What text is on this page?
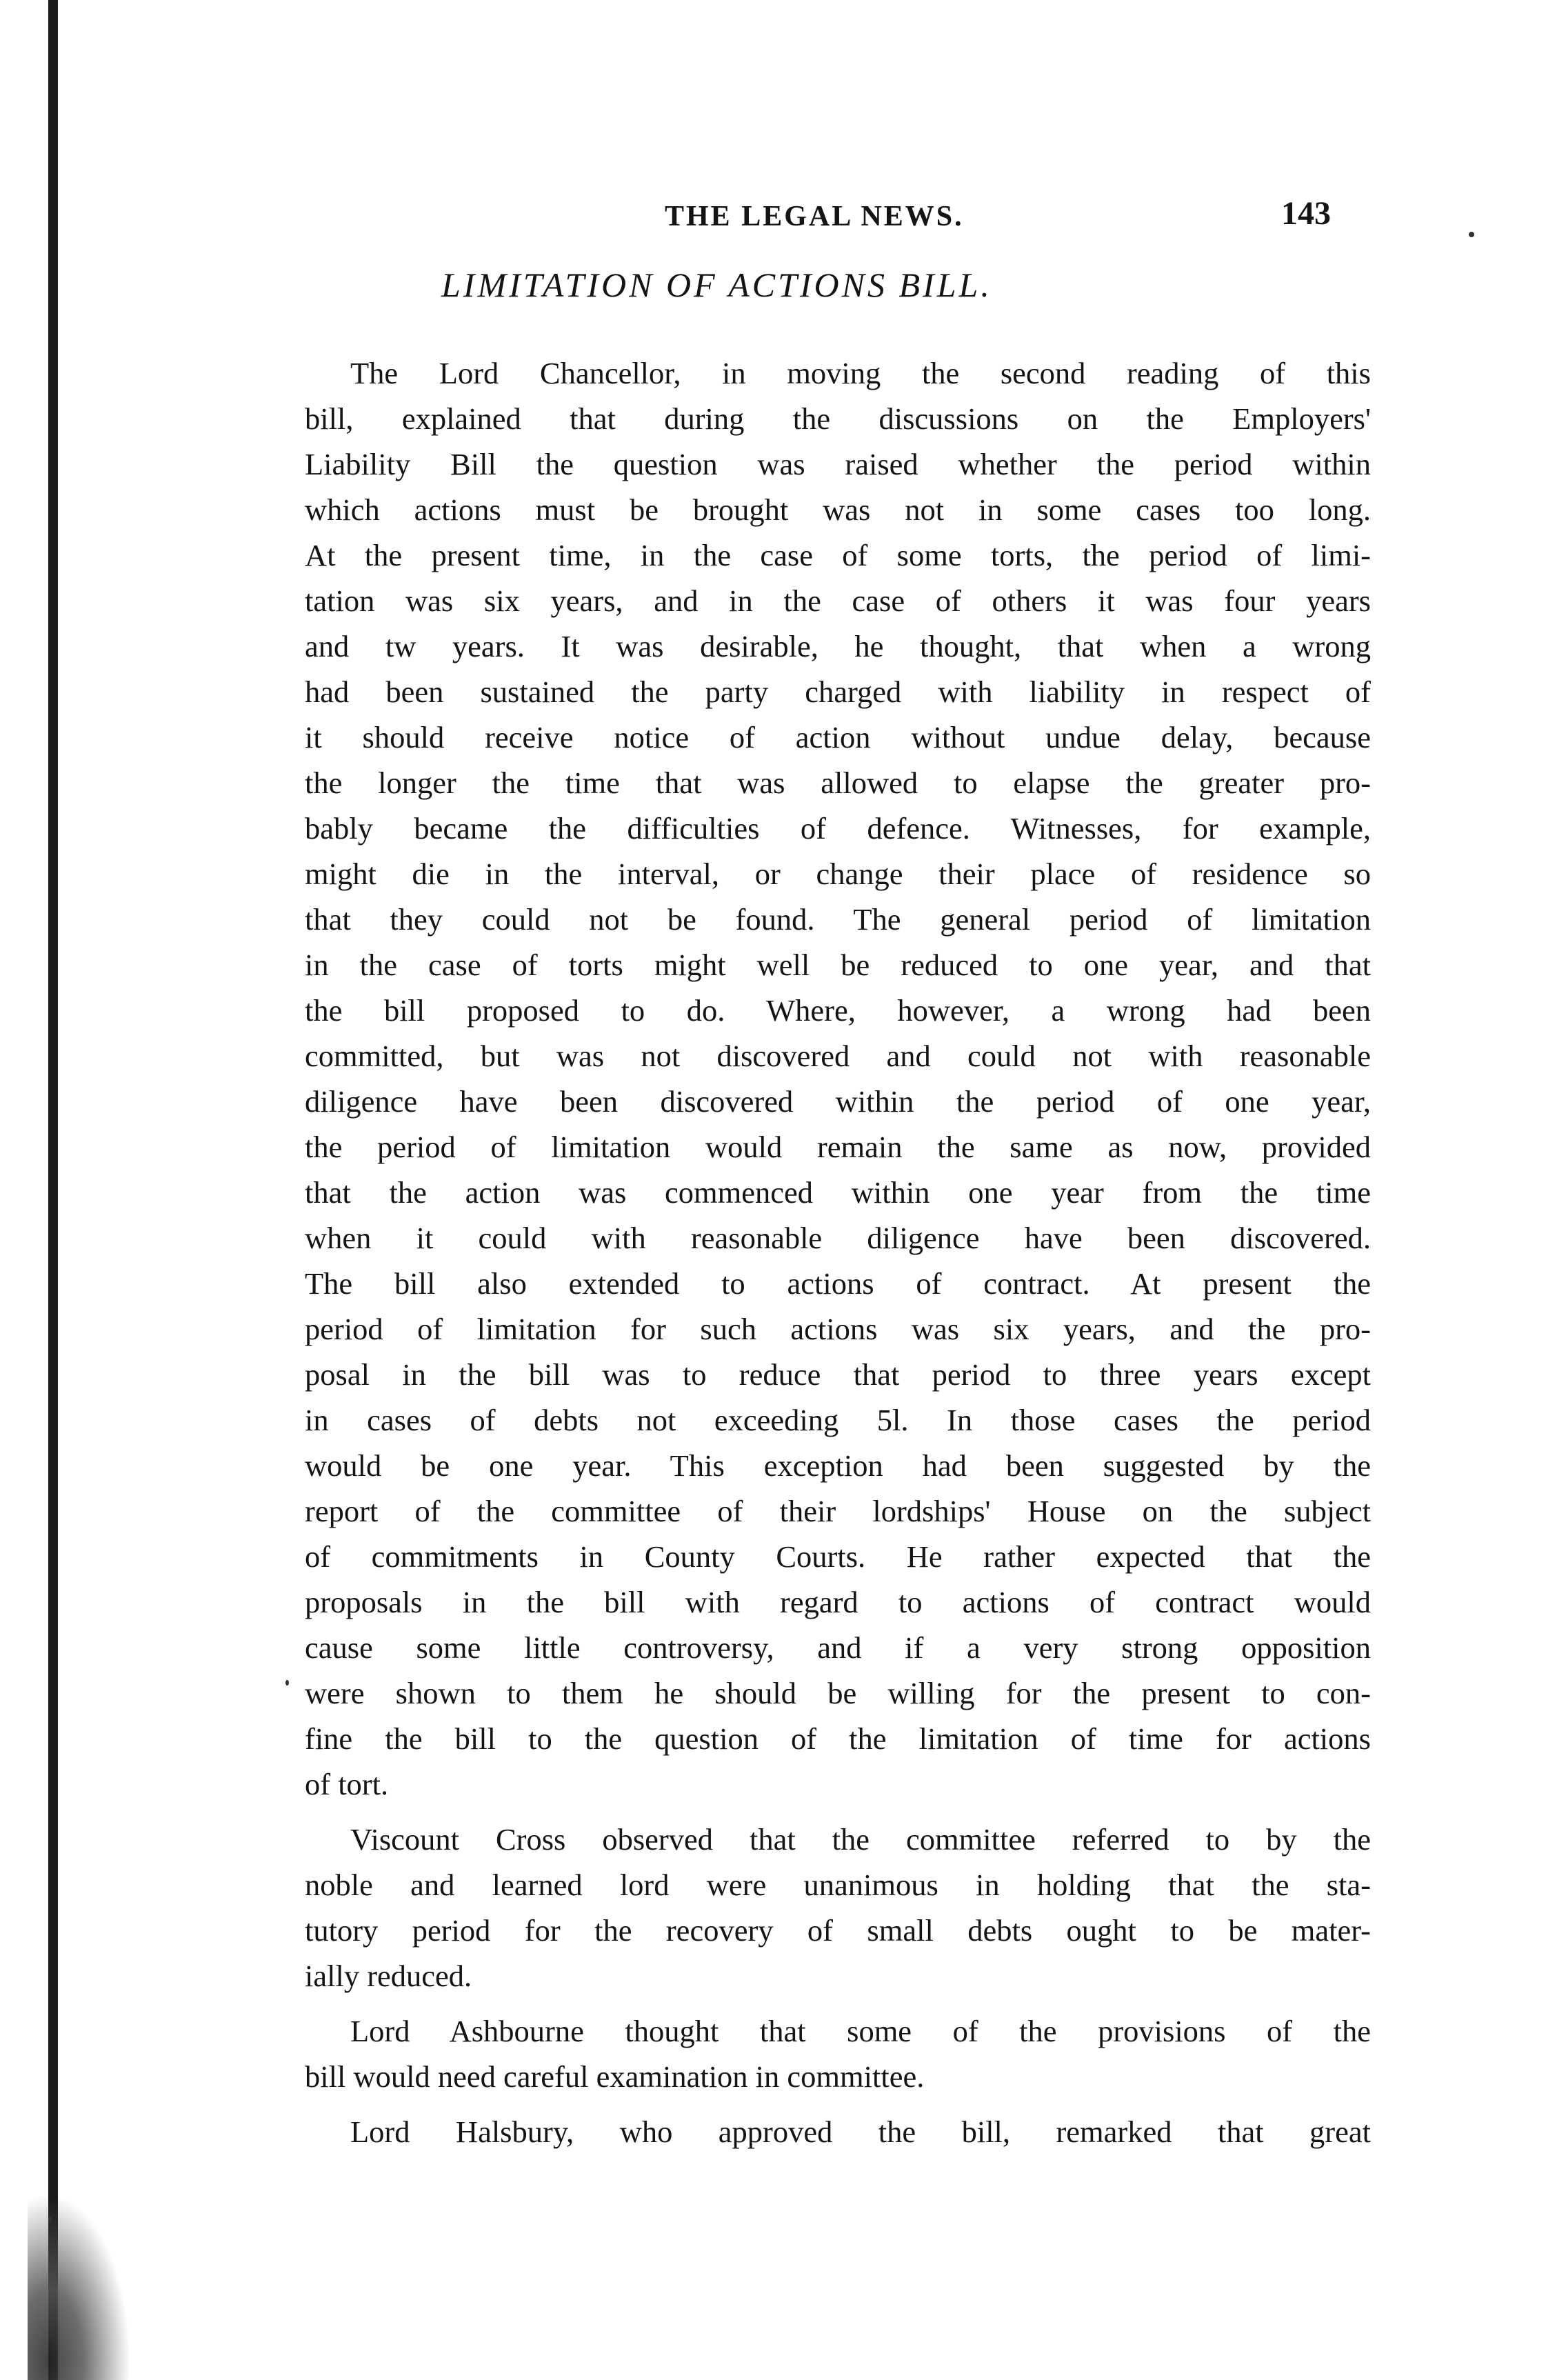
THE LEGAL NEWS.	143
LIMITATION OF ACTIONS BILL.
The Lord Chancellor, in moving the second reading of this
bill, explained that during the discussions on the Employers'
Liability Bill the question was raised whether the period within
which actions must be brought was not in some cases too long.
At the present time, in the case of some torts, the period of limi-
tation was six years, and in the case of others it was four years
and tw years. It was desirable, he thought, that when a wrong
had been sustained the party charged with liability in respect of
it should receive notice of action without undue delay, because
the longer the time that was allowed to elapse the greater pro-
bably became the difficulties of defence. Witnesses, for example,
might die in the interval, or change their place of residence so
that they could not be found. The general period of limitation
in the case of torts might well be reduced to one year, and that
the bill proposed to do. Where, however, a wrong had been
committed, but was not discovered and could not with reasonable
diligence have been discovered within the period of one year,
the period of limitation would remain the same as now, provided
that the action was commenced within one year from the time
when it could with reasonable diligence have been discovered.
The bill also extended to actions of contract. At present the
period of limitation for such actions was six years, and the pro-
posal in the bill was to reduce that period to three years except
in cases of debts not exceeding 5l. In those cases the period
would be one year. This exception had been suggested by the
report of the committee of their lordships' House on the subject
of commitments in County Courts. He rather expected that the
proposals in the bill with regard to actions of contract would
cause some little controversy, and if a very strong opposition
were shown to them he should be willing for the present to con-
fine the bill to the question of the limitation of time for actions
of tort.
Viscount Cross observed that the committee referred to by the
noble and learned lord were unanimous in holding that the sta-
tutory period for the recovery of small debts ought to be mater-
ially reduced.
Lord Ashbourne thought that some of the provisions of the
bill would need careful examination in committee.
Lord Halsbury, who approved the bill, remarked that great
